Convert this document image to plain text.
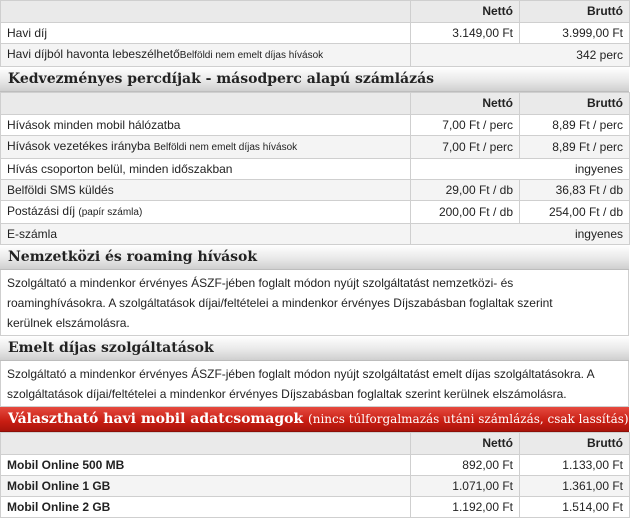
	Nettó	Bruttó
Havi díj	3.149,00 Ft	3.999,00 Ft
Havi díjból havonta lebeszélhetőBelföldi nem emelt díjas hívások	342 perc	
Kedvezményes percdíjak - másodperc alapú számlázás
	Nettó	Bruttó
Hívások minden mobil hálózatba	7,00 Ft / perc	8,89 Ft / perc
Hívások vezetékes irányba Belföldi nem emelt díjas hívások	7,00 Ft / perc	8,89 Ft / perc
Hívás csoporton belül, minden időszakban	ingyenes	
Belföldi SMS küldés	29,00 Ft / db	36,83 Ft / db
Postázási díj (papír számla)	200,00 Ft / db	254,00 Ft / db
E-számla	ingyenes	
Nemzetközi és roaming hívások
Szolgáltató a mindenkor érvényes ÁSZF-jében foglalt módon nyújt szolgáltatást nemzetközi- és
roaminghívásokra. A szolgáltatások díjai/feltételei a mindenkor érvényes Díjszabásban foglaltak szerint
kerülnek elszámolásra.
Emelt díjas szolgáltatások
Szolgáltató a mindenkor érvényes ÁSZF-jében foglalt módon nyújt szolgáltatást emelt díjas szolgáltatásokra. A
szolgáltatások díjai/feltételei a mindenkor érvényes Díjszabásban foglaltak szerint kerülnek elszámolásra.
Választható havi mobil adatcsomagok (nincs túlforgalmazás utáni számlázás, csak lassítás)
	Nettó	Bruttó
Mobil Online 500 MB	892,00 Ft	1.133,00 Ft
Mobil Online 1 GB	1.071,00 Ft	1.361,00 Ft
Mobil Online 2 GB	1.192,00 Ft	1.514,00 Ft
